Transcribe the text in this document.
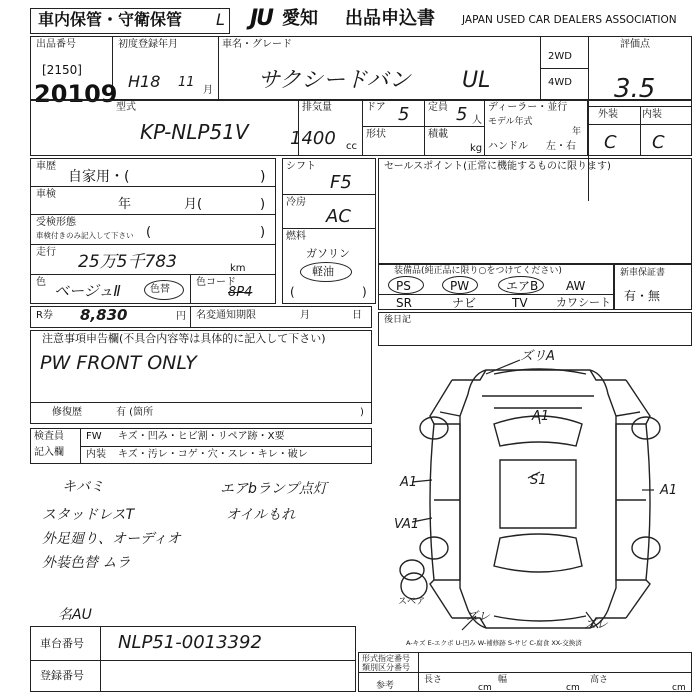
車内保管・守衛保管 L JU 愛知 出品申込書	JAPAN USED CAR DEALERS ASSOCIATION
出品番号
[2150]
20109
初度登録年月
H18 11
月
車名・グレード
サクシードバン UL
2WD
4WD
評価点
3.5
外装 内装
C C
型式
KP-NLP51V
排気量
1400 cc
ドア 5 定員 5 人
形状	積載
kg
ディーラー・並行
モデル年式
年
ハンドル 左・右
車歴
自家用・(	)
車検
年	月(	)
受検形態
車検付きのみ記入して下さい (	)
走行 25万5千783	km
色 ベージュⅡ	色替
色コード
8P4
シフト
F5
冷房
AC
燃料
ガソリン
軽油
(	)
セールスポイント(正常に機能するものに限ります)
装備品(純正品に限り○をつけてください)
PS	PW	エアB AW
SR	ナビ	TV	カワシート
新車保証書
有・無
R券 8,830	円 名変通知期限	月	日
注意事項申告欄(不具合内容等は具体的に記入して下さい)
PW FRONT ONLY
修復歴	有 (箇所	)
後日記
検査員
記入欄
FW キズ・凹み・ヒビ割・リペア跡・X要
内装 キズ・汚レ・コゲ・穴・スレ・キレ・破レ
キバミ
スタッドレスT
外足廻り、オーディオ
外装色替 ムラ
エアbランプ点灯
オイルもれ
名AU
車台番号 NLP51-0013392
登録番号
形式指定番号
類別区分番号
参考
長さ
cm
幅
cm
高さ
cm
ズリA
A1
A1
VA1
A1
S1
ズレ
ズレ
スペア
A-キズ E-エクボ U-凹み W-補修跡 S-サビ C-腐食 XX-交換済
